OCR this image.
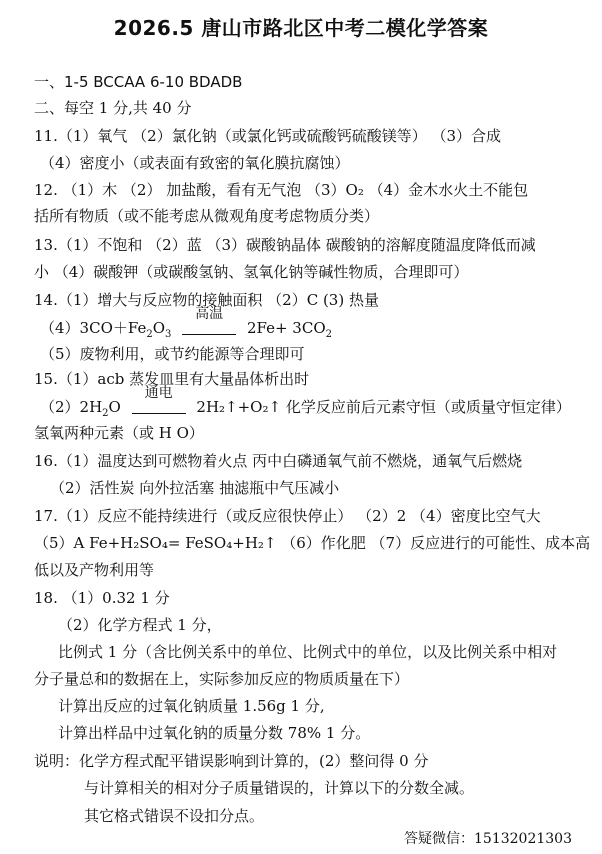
2026.5 唐山市路北区中考二模化学答案
一、1-5 BCCAA 6-10 BDADB
二、每空 1 分,共 40 分
11.（1）氧气 （2）氯化钠（或氯化钙或硫酸钙硫酸镁等） （3）合成
（4）密度小（或表面有致密的氧化膜抗腐蚀）
12. （1）木 （2） 加盐酸，看有无气泡 （3）O₂ （4）金木水火土不能包
括所有物质（或不能考虑从微观角度考虑物质分类）
13.（1）不饱和 （2）蓝 （3）碳酸钠晶体 碳酸钠的溶解度随温度降低而减
小 （4）碳酸钾（或碳酸氢钠、氢氧化钠等碱性物质，合理即可）
14.（1）增大与反应物的接触面积 （2）C (3) 热量
$(4)3CO+Fe_2O_3$
高温
$2Fe+ 3CO_2$
（5）废物利用，或节约能源等合理即可
15.（1）acb 蒸发皿里有大量晶体析出时
$(2)2H_2O$
通电
2H₂↑+O₂↑ 化学反应前后元素守恒（或质量守恒定律）
氢氧两种元素（或 H O）
16.（1）温度达到可燃物着火点 丙中白磷通氧气前不燃烧，通氧气后燃烧
（2）活性炭 向外拉活塞 抽滤瓶中气压减小
17.（1）反应不能持续进行（或反应很快停止） （2）2 （4）密度比空气大
（5）A Fe+H₂SO₄= FeSO₄+H₂↑ （6）作化肥 （7）反应进行的可能性、成本高
低以及产物利用等
18. （1）0.32 1 分
（2）化学方程式 1 分，
比例式 1 分（含比例关系中的单位、比例式中的单位，以及比例关系中相对
分子量总和的数据在上，实际参加反应的物质质量在下）
计算出反应的过氧化钠质量 1.56g 1 分,
计算出样品中过氧化钠的质量分数 78% 1 分。
说明：化学方程式配平错误影响到计算的，(2）整问得 0 分
与计算相关的相对分子质量错误的，计算以下的分数全减。
其它格式错误不设扣分点。
答疑微信：15132021303
